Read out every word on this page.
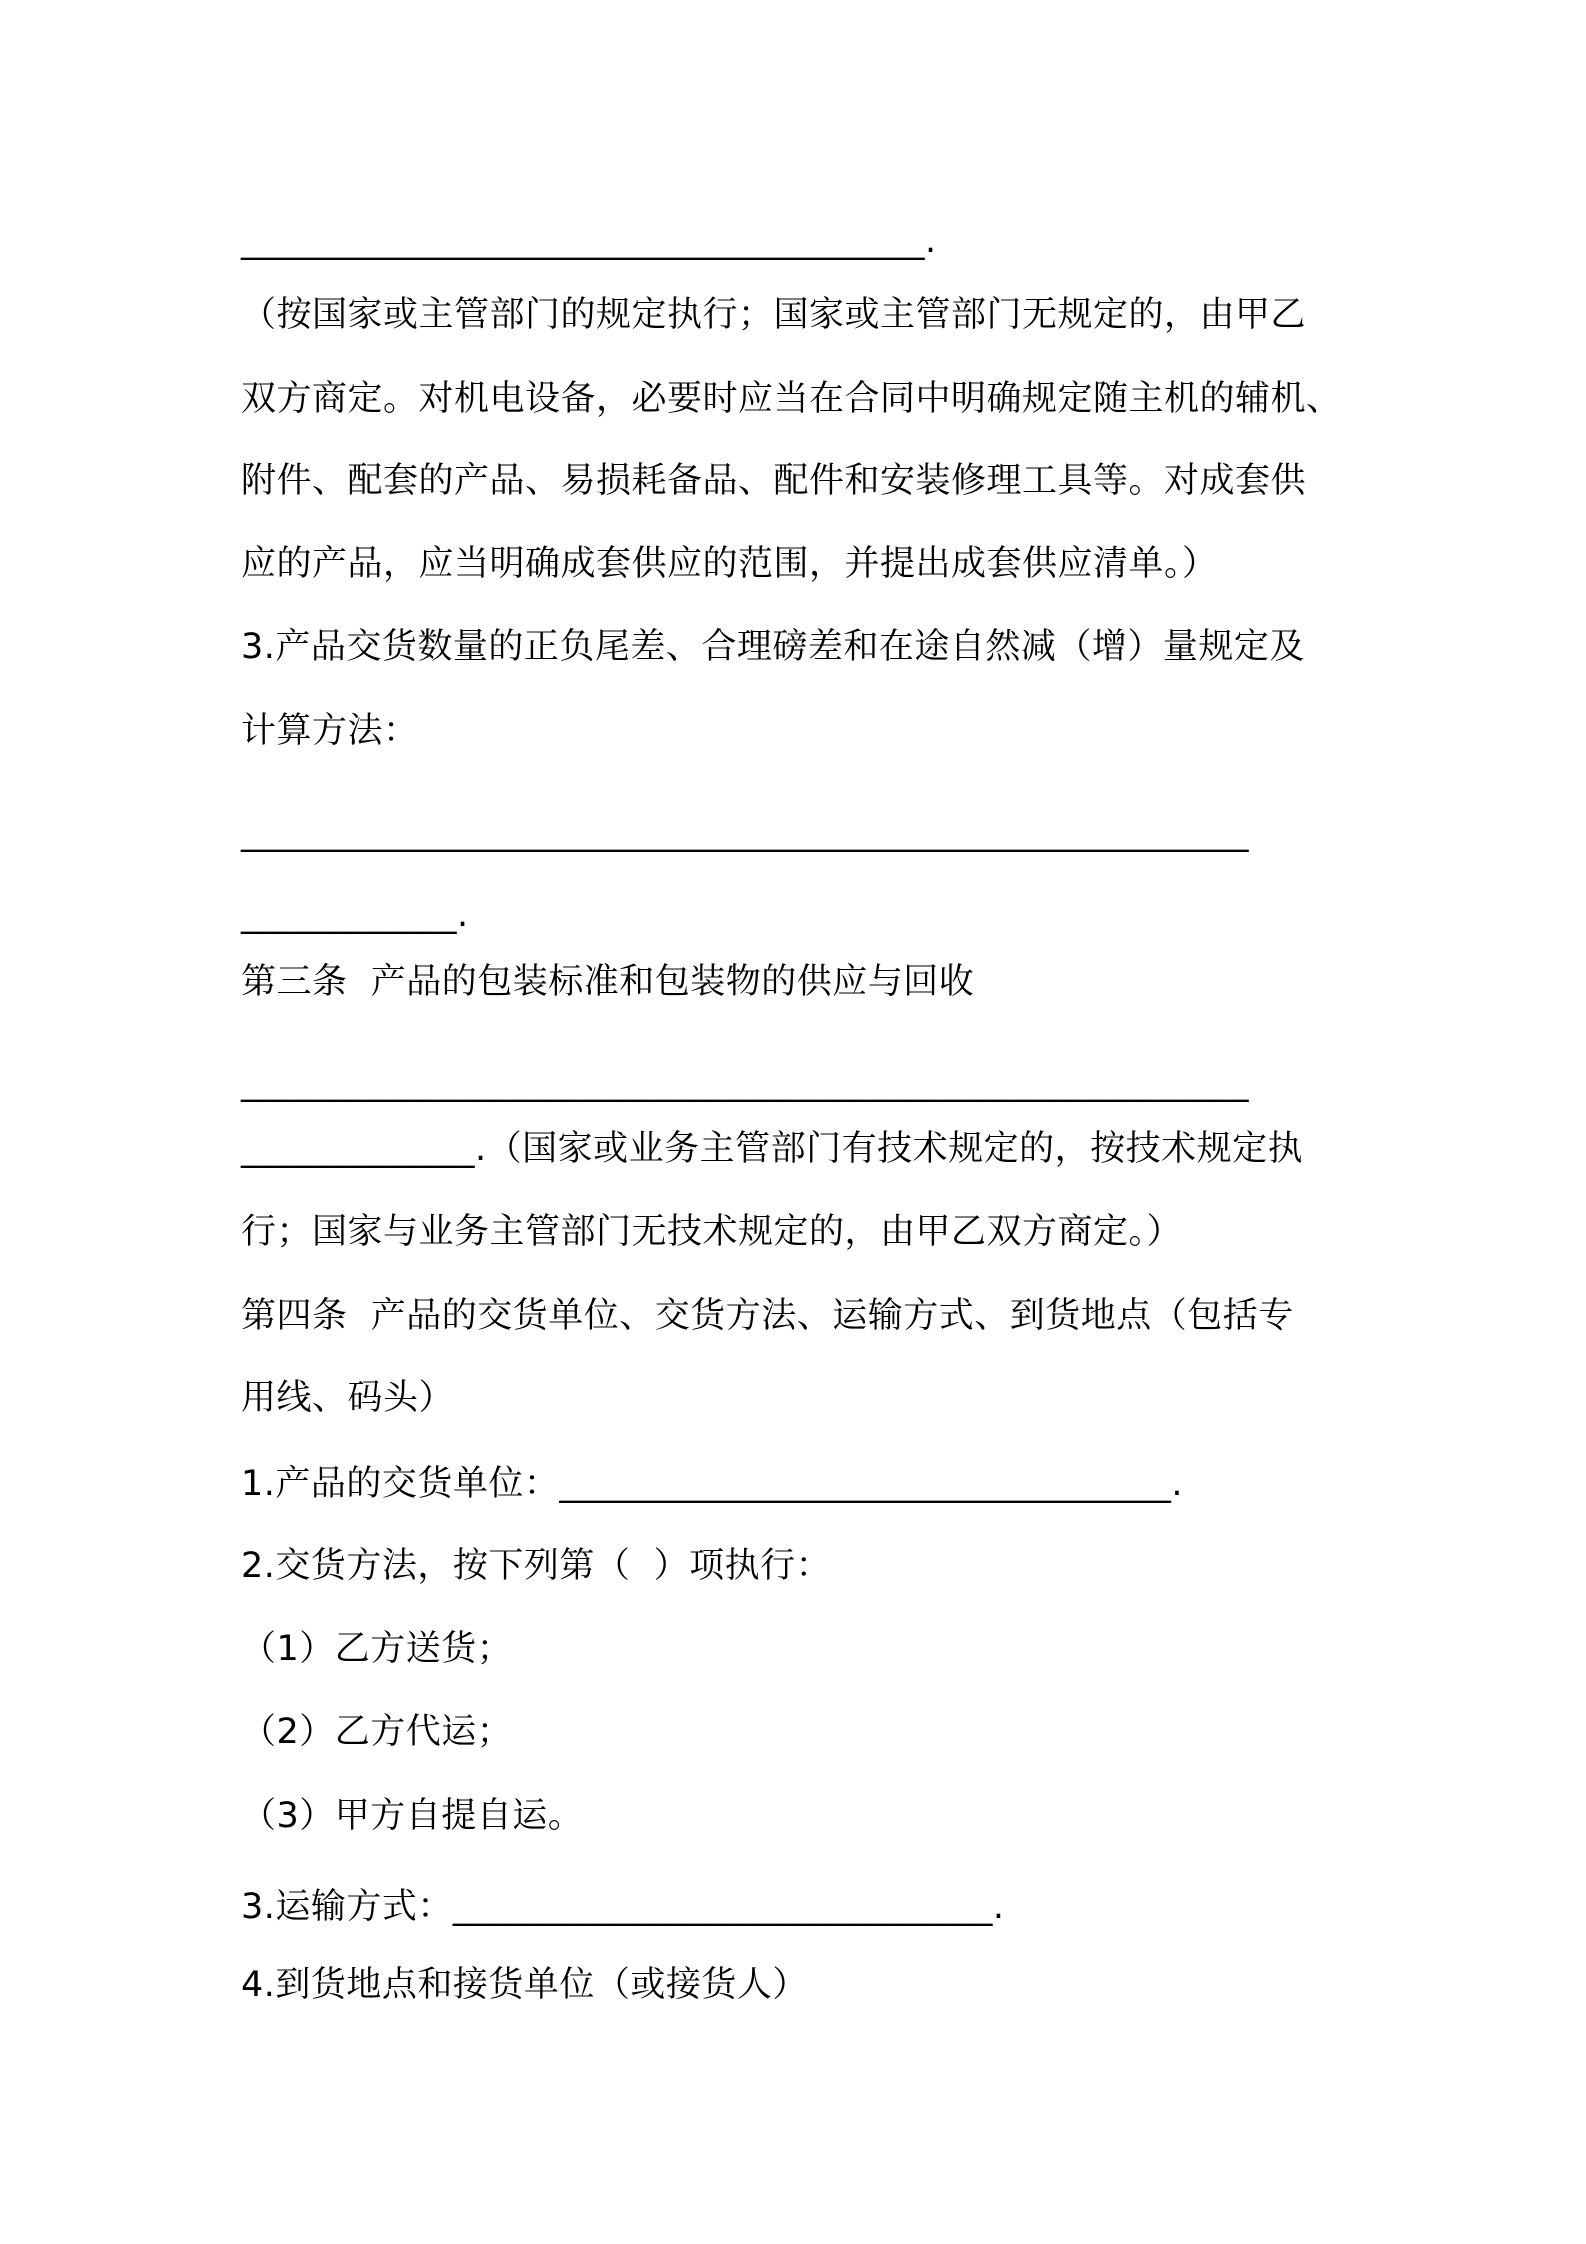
______________________________________.
（按国家或主管部门的规定执行；国家或主管部门无规定的，由甲乙
双方商定。对机电设备，必要时应当在合同中明确规定随主机的辅机、
附件、配套的产品、易损耗备品、配件和安装修理工具等。对成套供
应的产品，应当明确成套供应的范围，并提出成套供应清单。）
3.产品交货数量的正负尾差、合理磅差和在途自然减（增）量规定及
计算方法：
________________________________________________________
____________.
第三条  产品的包装标准和包装物的供应与回收
________________________________________________________
_____________.（国家或业务主管部门有技术规定的，按技术规定执
行；国家与业务主管部门无技术规定的，由甲乙双方商定。）
第四条  产品的交货单位、交货方法、运输方式、到货地点（包括专
用线、码头）
1.产品的交货单位：__________________________________.
2.交货方法，按下列第（  ）项执行：
（1）乙方送货；
（2）乙方代运；
（3）甲方自提自运。
3.运输方式：______________________________.
4.到货地点和接货单位（或接货人）
